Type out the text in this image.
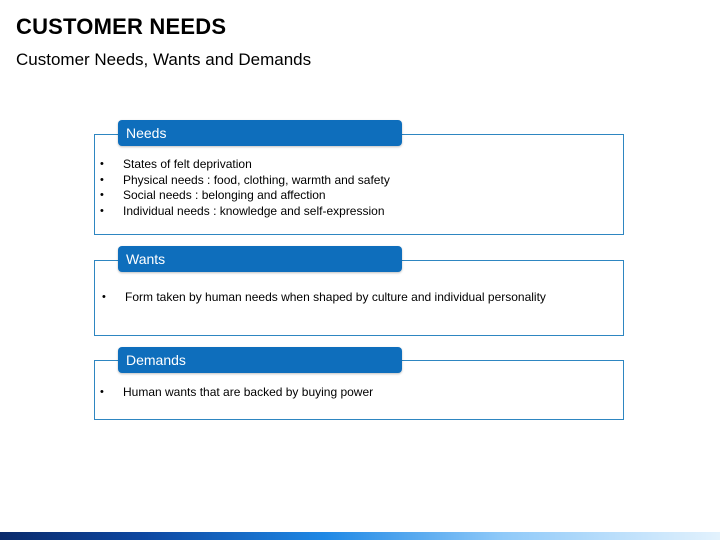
CUSTOMER NEEDS
Customer Needs, Wants and Demands
Needs
• States of felt deprivation
• Physical needs : food, clothing, warmth and safety
• Social needs : belonging and affection
• Individual needs : knowledge and self-expression
Wants
• Form taken by human needs when shaped by culture and individual personality
Demands
• Human wants that are backed by buying power
